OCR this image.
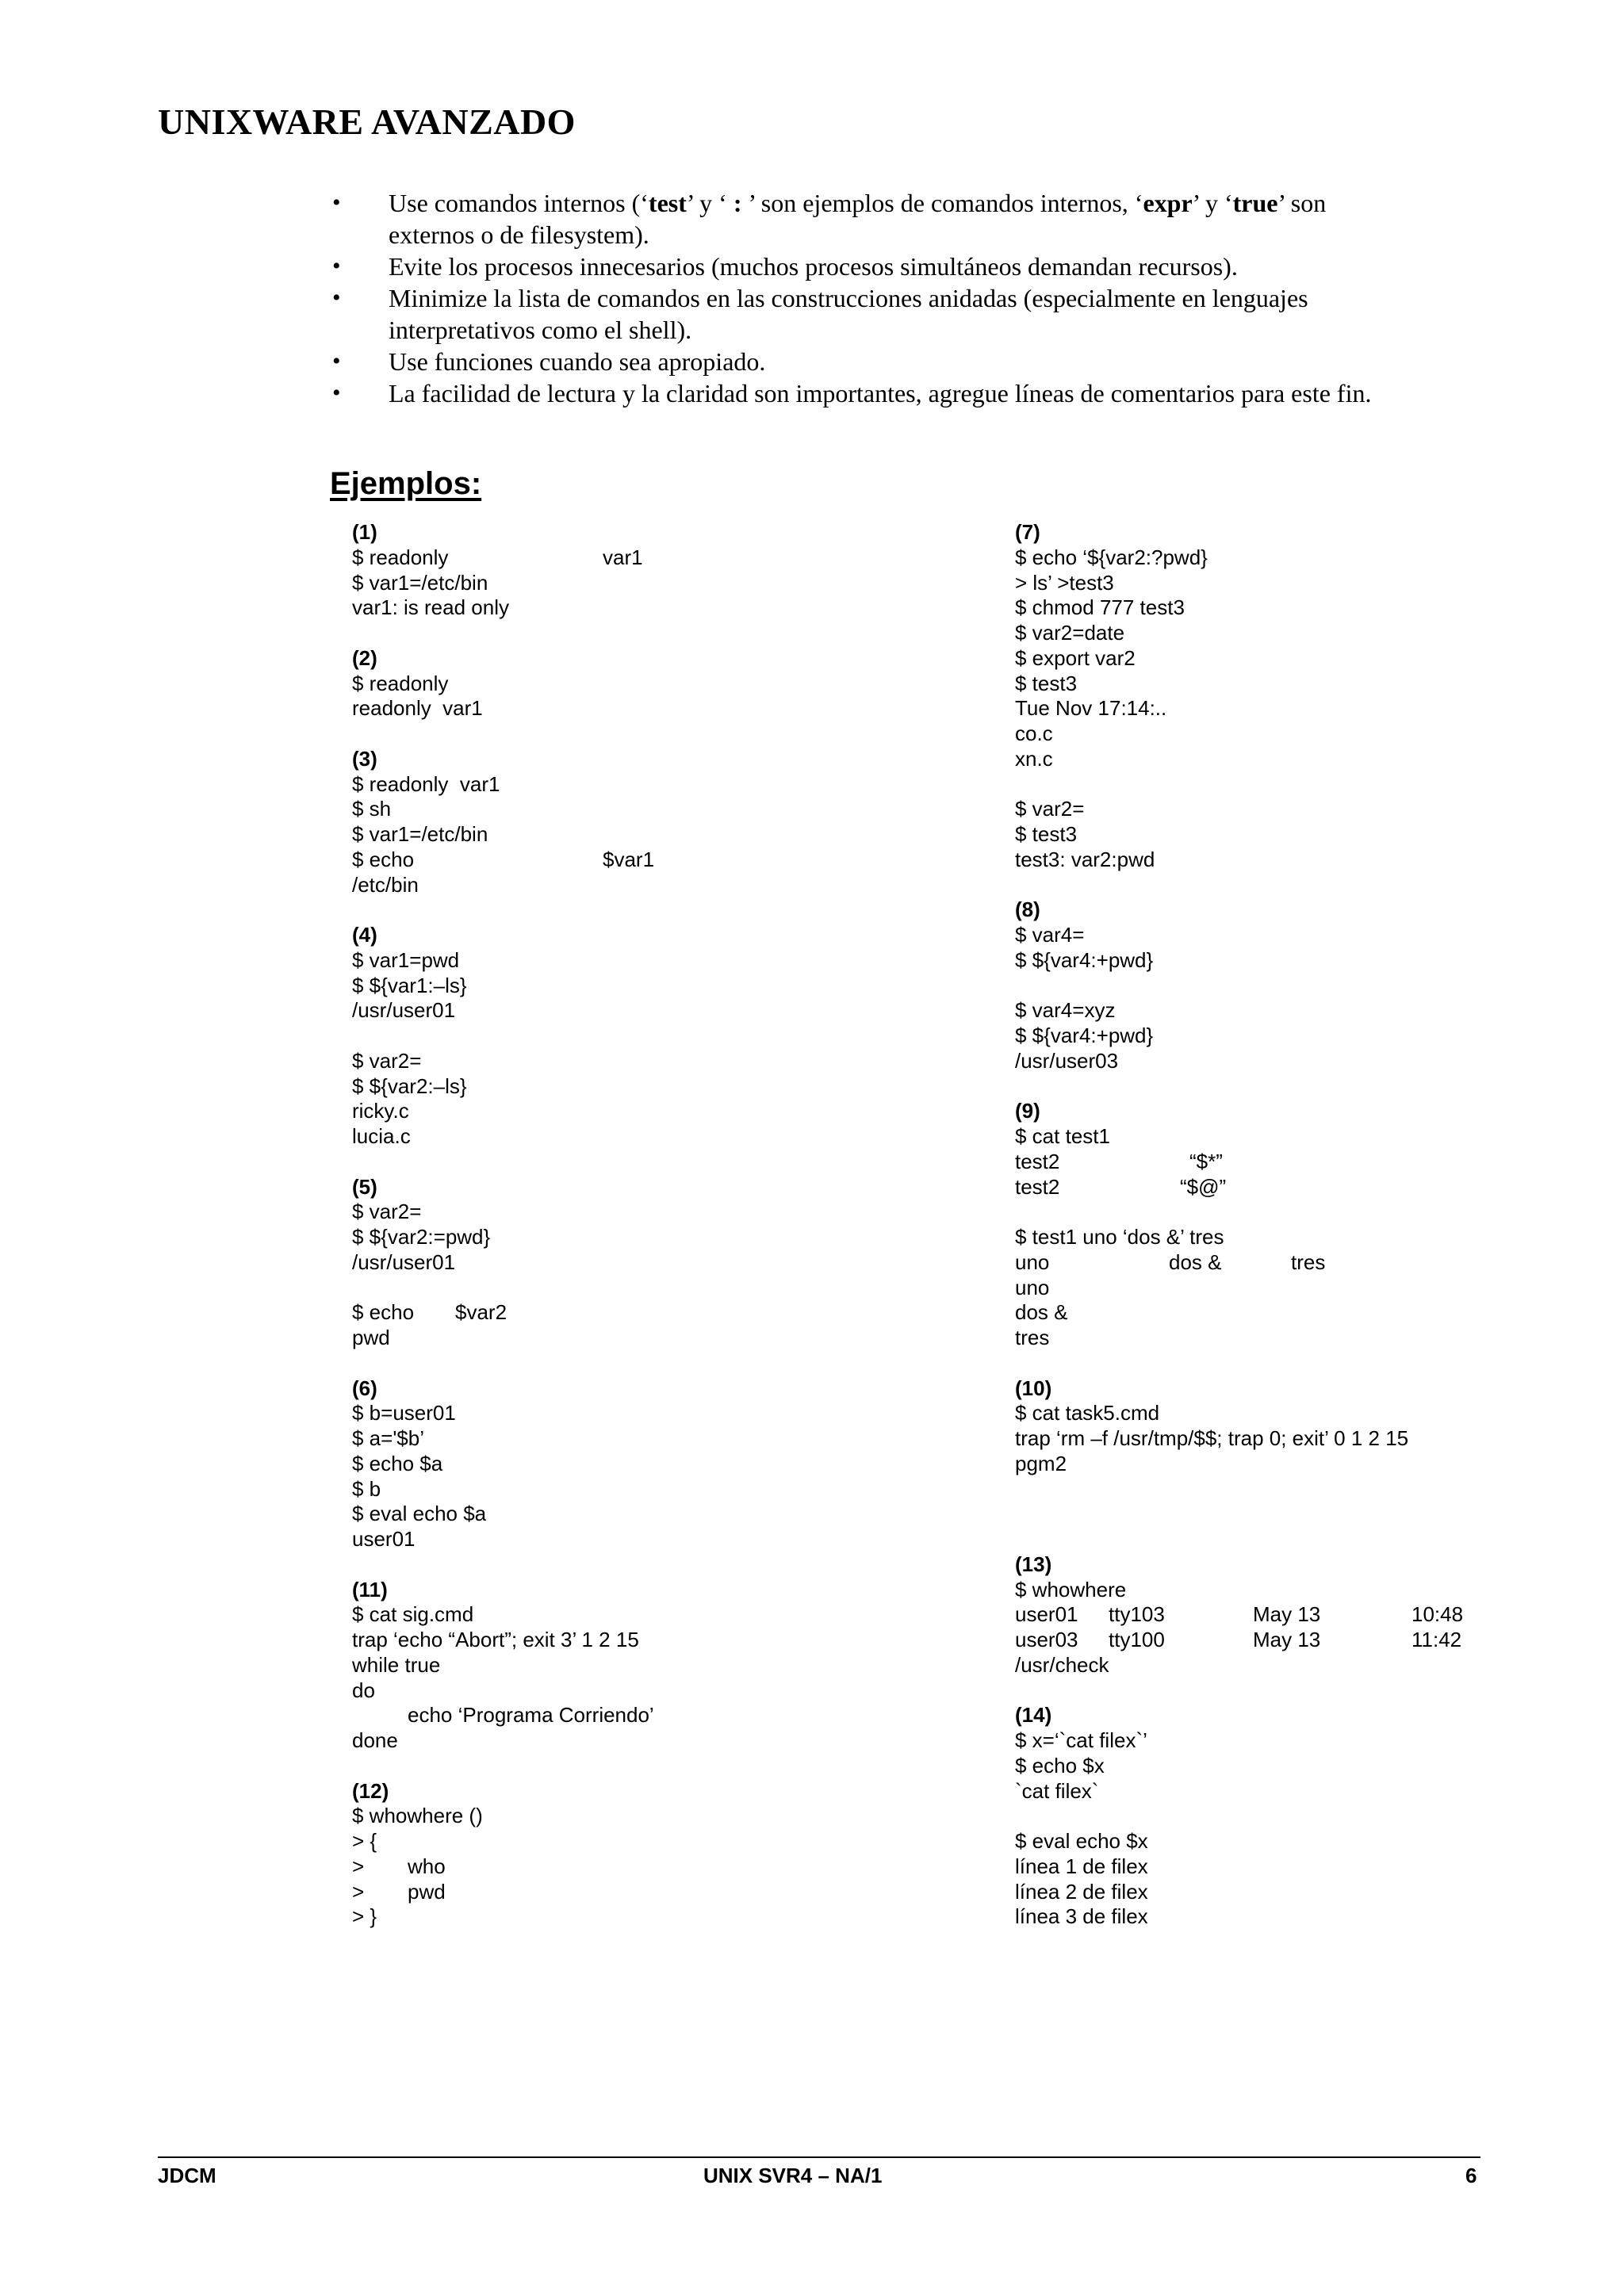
UNIXWARE AVANZADO
• Use comandos internos (‘test’ y ‘ : ’ son ejemplos de comandos internos, ‘expr’ y ‘true’ son
externos o de filesystem).
• Evite los procesos innecesarios (muchos procesos simultáneos demandan recursos).
• Minimize la lista de comandos en las construcciones anidadas (especialmente en lenguajes
interpretativos como el shell).
• Use funciones cuando sea apropiado.
• La facilidad de lectura y la claridad son importantes, agregue líneas de comentarios para este fin.
Ejemplos:
(1)
$ readonly	var1
$ var1=/etc/bin
var1: is read only
(2)
$ readonly
readonly  var1
(3)
$ readonly  var1
$ sh
$ var1=/etc/bin
$ echo	$var1
/etc/bin
(4)
$ var1=pwd
$ ${var1:–ls}
/usr/user01
$ var2=
$ ${var2:–ls}
ricky.c
lucia.c
(5)
$ var2=
$ ${var2:=pwd}
/usr/user01
$ echo $var2
pwd
(6)
$ b=user01
$ a='$b’
$ echo $a
$ b
$ eval echo $a
user01
(11)
$ cat sig.cmd
trap ‘echo “Abort”; exit 3’ 1 2 15
while true
do
echo ‘Programa Corriendo’
done
(12)
$ whowhere ()
> {
> who
> pwd
> }
(7)
$ echo ‘${var2:?pwd}
> ls’ >test3
$ chmod 777 test3
$ var2=date
$ export var2
$ test3
Tue Nov 17:14:..
co.c
xn.c
$ var2=
$ test3
test3: var2:pwd
(8)
$ var4=
$ ${var4:+pwd}
$ var4=xyz
$ ${var4:+pwd}
/usr/user03
(9)
$ cat test1
test2	“$*”
test2	“$@”
$ test1 uno ‘dos &’ tres
uno	dos &	tres
uno
dos &
tres
(10)
$ cat task5.cmd
trap ‘rm –f /usr/tmp/$$; trap 0; exit’ 0 1 2 15
pgm2
(13)
$ whowhere
user01 tty103	May 13	10:48
user03 tty100	May 13	11:42
/usr/check
(14)
$ x=‘`cat filex`’
$ echo $x
`cat filex`
$ eval echo $x
línea 1 de filex
línea 2 de filex
línea 3 de filex
JDCM	UNIX SVR4 – NA/1	6
